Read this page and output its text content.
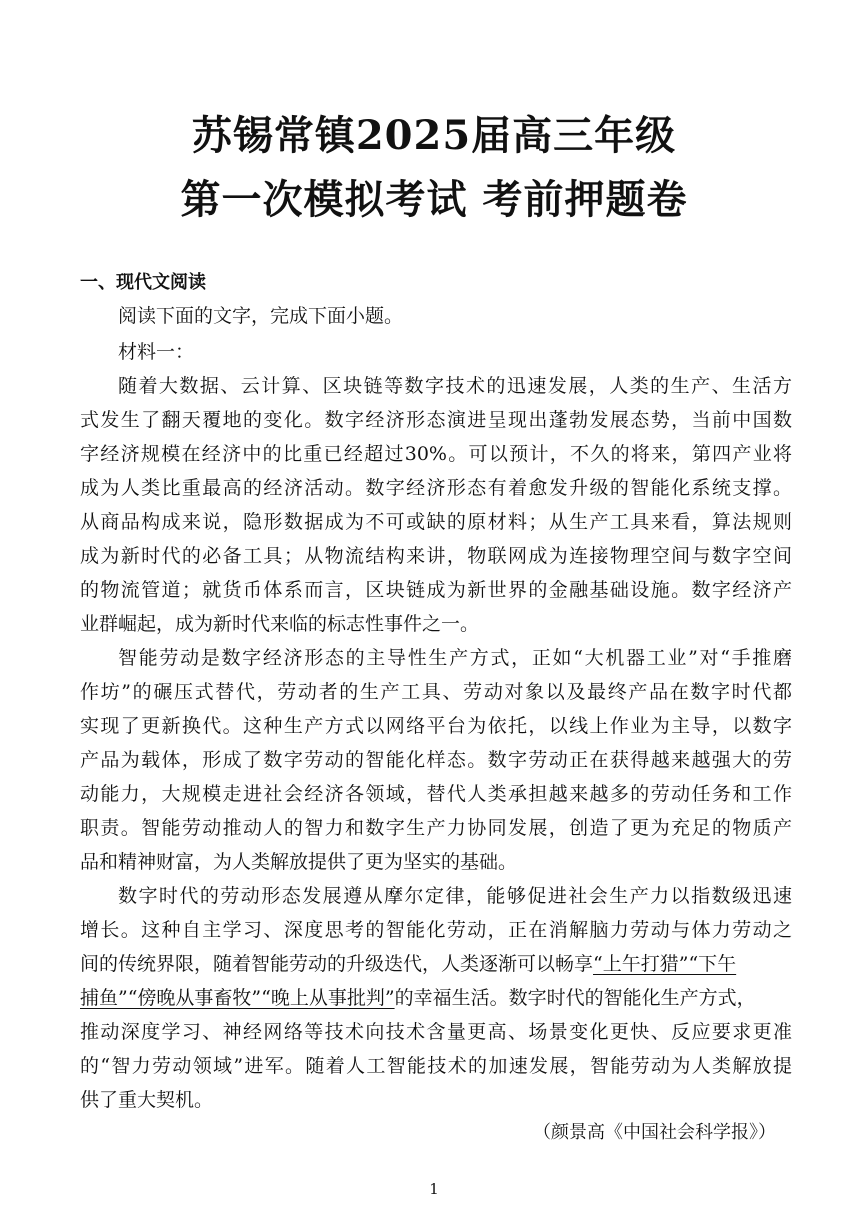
苏锡常镇2025届高三年级
第一次模拟考试 考前押题卷
一、现代文阅读
阅读下面的文字，完成下面小题。
材料一：
随着大数据、云计算、区块链等数字技术的迅速发展，人类的生产、生活方
式发生了翻天覆地的变化。数字经济形态演进呈现出蓬勃发展态势，当前中国数
字经济规模在经济中的比重已经超过30%。可以预计，不久的将来，第四产业将
成为人类比重最高的经济活动。数字经济形态有着愈发升级的智能化系统支撑。
从商品构成来说，隐形数据成为不可或缺的原材料；从生产工具来看，算法规则
成为新时代的必备工具；从物流结构来讲，物联网成为连接物理空间与数字空间
的物流管道；就货币体系而言，区块链成为新世界的金融基础设施。数字经济产
业群崛起，成为新时代来临的标志性事件之一。
智能劳动是数字经济形态的主导性生产方式，正如“大机器工业”对“手推磨
作坊”的碾压式替代，劳动者的生产工具、劳动对象以及最终产品在数字时代都
实现了更新换代。这种生产方式以网络平台为依托，以线上作业为主导，以数字
产品为载体，形成了数字劳动的智能化样态。数字劳动正在获得越来越强大的劳
动能力，大规模走进社会经济各领域，替代人类承担越来越多的劳动任务和工作
职责。智能劳动推动人的智力和数字生产力协同发展，创造了更为充足的物质产
品和精神财富，为人类解放提供了更为坚实的基础。
数字时代的劳动形态发展遵从摩尔定律，能够促进社会生产力以指数级迅速
增长。这种自主学习、深度思考的智能化劳动，正在消解脑力劳动与体力劳动之
间的传统界限，随着智能劳动的升级迭代，人类逐渐可以畅享“上午打猎”“下午
捕鱼”“傍晚从事畜牧”“晚上从事批判”的幸福生活。数字时代的智能化生产方式，
推动深度学习、神经网络等技术向技术含量更高、场景变化更快、反应要求更准
的“智力劳动领域”进军。随着人工智能技术的加速发展，智能劳动为人类解放提
供了重大契机。
（颜景高《中国社会科学报》）
1
